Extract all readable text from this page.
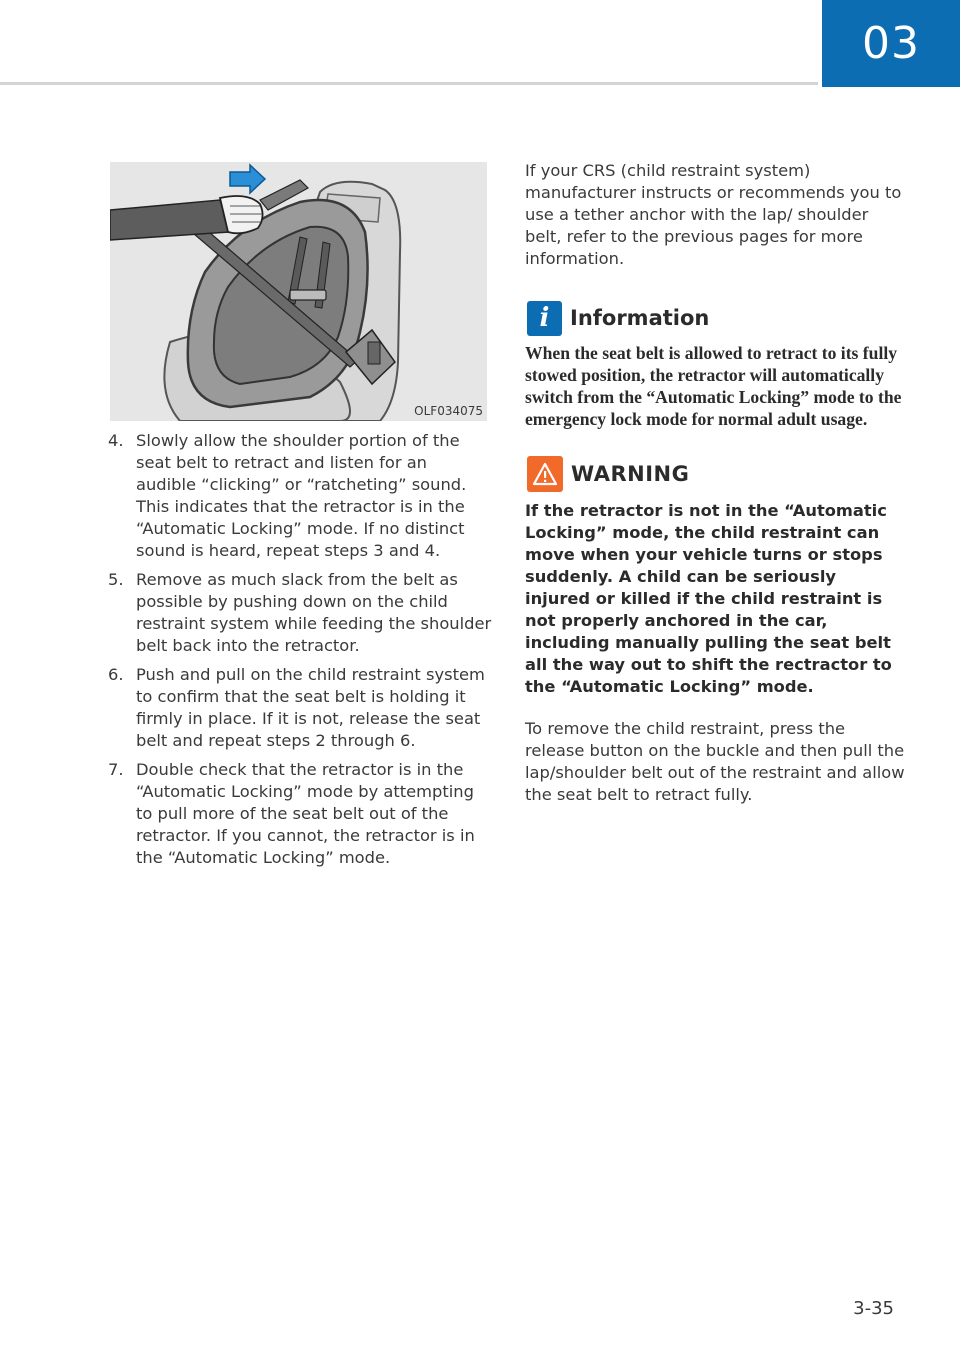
03
OLF034075
4. Slowly allow the shoulder portion of the seat belt to retract and listen for an audible “clicking” or “ratcheting” sound. This indicates that the retractor is in the “Automatic Locking” mode. If no distinct sound is heard, repeat steps 3 and 4.
5. Remove as much slack from the belt as possible by pushing down on the child restraint system while feeding the shoulder belt back into the retractor.
6. Push and pull on the child restraint system to confirm that the seat belt is holding it firmly in place. If it is not, release the seat belt and repeat steps 2 through 6.
7. Double check that the retractor is in the “Automatic Locking” mode by attempting to pull more of the seat belt out of the retractor. If you cannot, the retractor is in the “Automatic Locking” mode.

If your CRS (child restraint system) manufacturer instructs or recommends you to use a tether anchor with the lap/ shoulder belt, refer to the previous pages for more information.

i Information
When the seat belt is allowed to retract to its fully stowed position, the retractor will automatically switch from the “Automatic Locking” mode to the emergency lock mode for normal adult usage.
WARNING
If the retractor is not in the “Automatic Locking” mode, the child restraint can move when your vehicle turns or stops suddenly. A child can be seriously injured or killed if the child restraint is not properly anchored in the car, including manually pulling the seat belt all the way out to shift the rectractor to the “Automatic Locking” mode.

To remove the child restraint, press the release button on the buckle and then pull the lap/shoulder belt out of the restraint and allow the seat belt to retract fully.

3-35
